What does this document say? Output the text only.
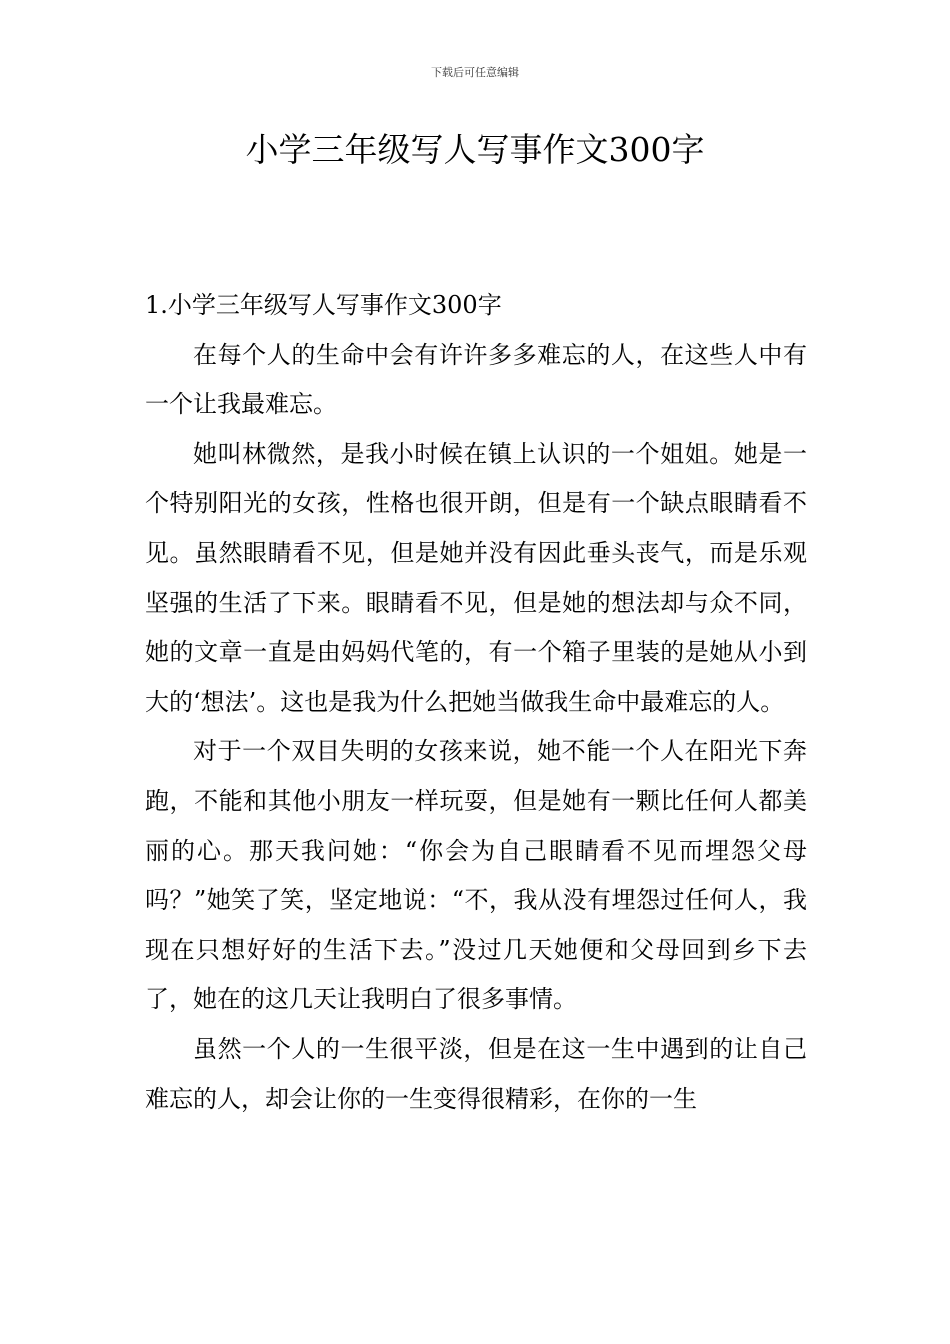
下载后可任意编辑
小学三年级写人写事作文300字

1.小学三年级写人写事作文300字

在每个人的生命中会有许许多多难忘的人，在这些人中有一个让我最难忘。

她叫林微然，是我小时候在镇上认识的一个姐姐。她是一个特别阳光的女孩，性格也很开朗，但是有一个缺点眼睛看不见。虽然眼睛看不见，但是她并没有因此垂头丧气，而是乐观坚强的生活了下来。眼睛看不见，但是她的想法却与众不同，她的文章一直是由妈妈代笔的，有一个箱子里装的是她从小到大的‘想法’。这也是我为什么把她当做我生命中最难忘的人。

对于一个双目失明的女孩来说，她不能一个人在阳光下奔跑，不能和其他小朋友一样玩耍，但是她有一颗比任何人都美丽的心。那天我问她：“你会为自己眼睛看不见而埋怨父母吗？”她笑了笑，坚定地说：“不，我从没有埋怨过任何人，我现在只想好好的生活下去。”没过几天她便和父母回到乡下去了，她在的这几天让我明白了很多事情。

虽然一个人的一生很平淡，但是在这一生中遇到的让自己难忘的人，却会让你的一生变得很精彩，在你的一生
